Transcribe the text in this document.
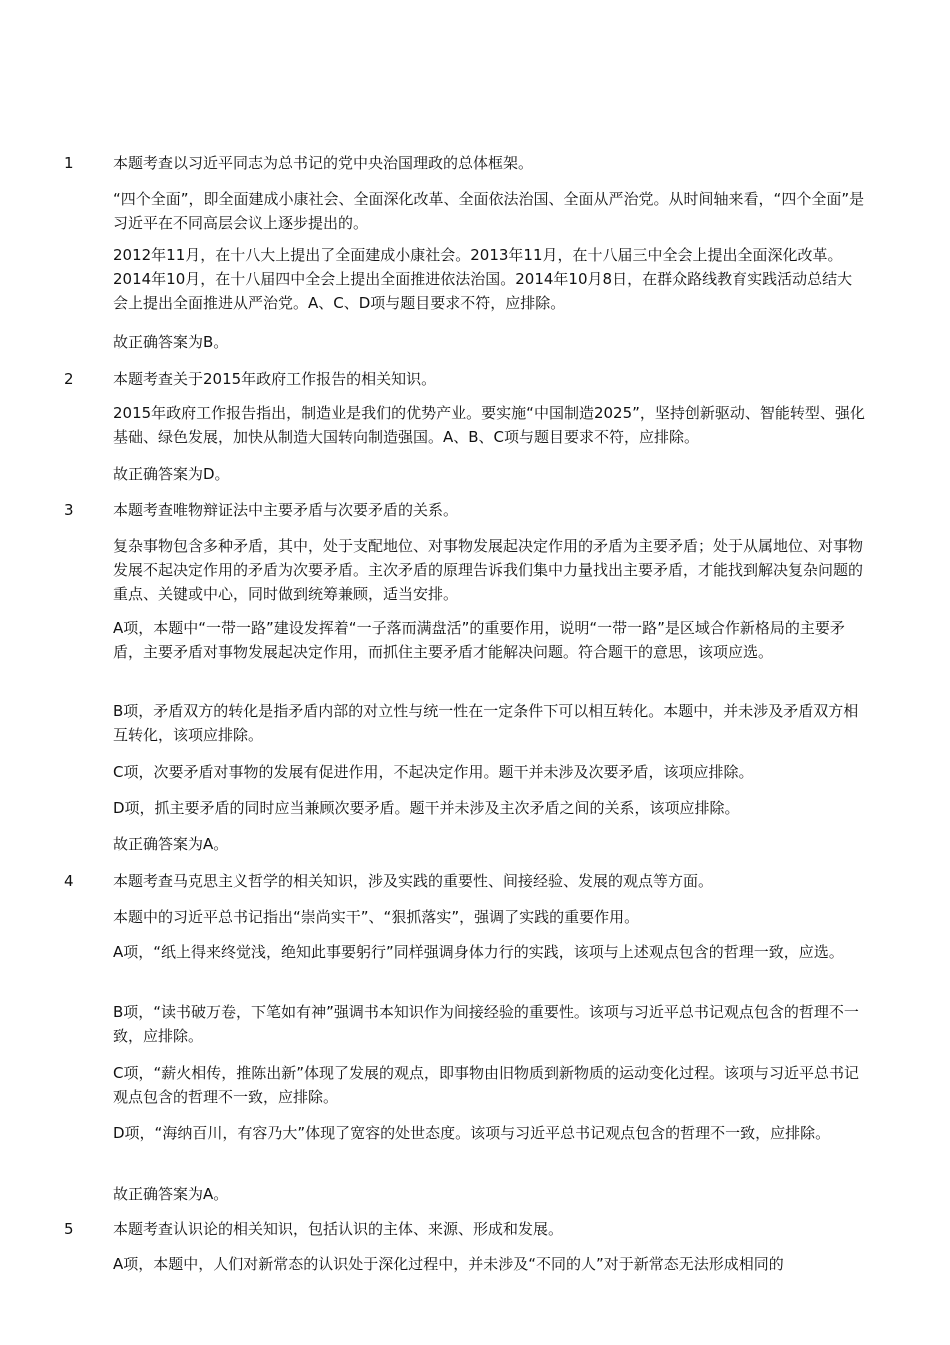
1	本题考查以习近平同志为总书记的党中央治国理政的总体框架。

“四个全面”，即全面建成小康社会、全面深化改革、全面依法治国、全面从严治党。从时间轴来看，“四个全面”是习近平在不同高层会议上逐步提出的。

2012年11月，在十八大上提出了全面建成小康社会。2013年11月，在十八届三中全会上提出全面深化改革。2014年10月，在十八届四中全会上提出全面推进依法治国。2014年10月8日，在群众路线教育实践活动总结大会上提出全面推进从严治党。A、C、D项与题目要求不符，应排除。

故正确答案为B。

2	本题考查关于2015年政府工作报告的相关知识。

2015年政府工作报告指出，制造业是我们的优势产业。要实施“中国制造2025”，坚持创新驱动、智能转型、强化基础、绿色发展，加快从制造大国转向制造强国。A、B、C项与题目要求不符，应排除。

故正确答案为D。

3	本题考查唯物辩证法中主要矛盾与次要矛盾的关系。

复杂事物包含多种矛盾，其中，处于支配地位、对事物发展起决定作用的矛盾为主要矛盾；处于从属地位、对事物发展不起决定作用的矛盾为次要矛盾。主次矛盾的原理告诉我们集中力量找出主要矛盾，才能找到解决复杂问题的重点、关键或中心，同时做到统筹兼顾，适当安排。

A项，本题中“一带一路”建设发挥着“一子落而满盘活”的重要作用，说明“一带一路”是区域合作新格局的主要矛盾，主要矛盾对事物发展起决定作用，而抓住主要矛盾才能解决问题。符合题干的意思，该项应选。

B项，矛盾双方的转化是指矛盾内部的对立性与统一性在一定条件下可以相互转化。本题中，并未涉及矛盾双方相互转化，该项应排除。

C项，次要矛盾对事物的发展有促进作用，不起决定作用。题干并未涉及次要矛盾，该项应排除。

D项，抓主要矛盾的同时应当兼顾次要矛盾。题干并未涉及主次矛盾之间的关系，该项应排除。

故正确答案为A。

4	本题考查马克思主义哲学的相关知识，涉及实践的重要性、间接经验、发展的观点等方面。

本题中的习近平总书记指出“崇尚实干”、“狠抓落实”，强调了实践的重要作用。

A项，“纸上得来终觉浅，绝知此事要躬行”同样强调身体力行的实践，该项与上述观点包含的哲理一致，应选。

B项，“读书破万卷，下笔如有神”强调书本知识作为间接经验的重要性。该项与习近平总书记观点包含的哲理不一致，应排除。

C项，“薪火相传，推陈出新”体现了发展的观点，即事物由旧物质到新物质的运动变化过程。该项与习近平总书记观点包含的哲理不一致，应排除。

D项，“海纳百川，有容乃大”体现了宽容的处世态度。该项与习近平总书记观点包含的哲理不一致，应排除。

故正确答案为A。

5	本题考查认识论的相关知识，包括认识的主体、来源、形成和发展。

A项，本题中，人们对新常态的认识处于深化过程中，并未涉及“不同的人”对于新常态无法形成相同的
